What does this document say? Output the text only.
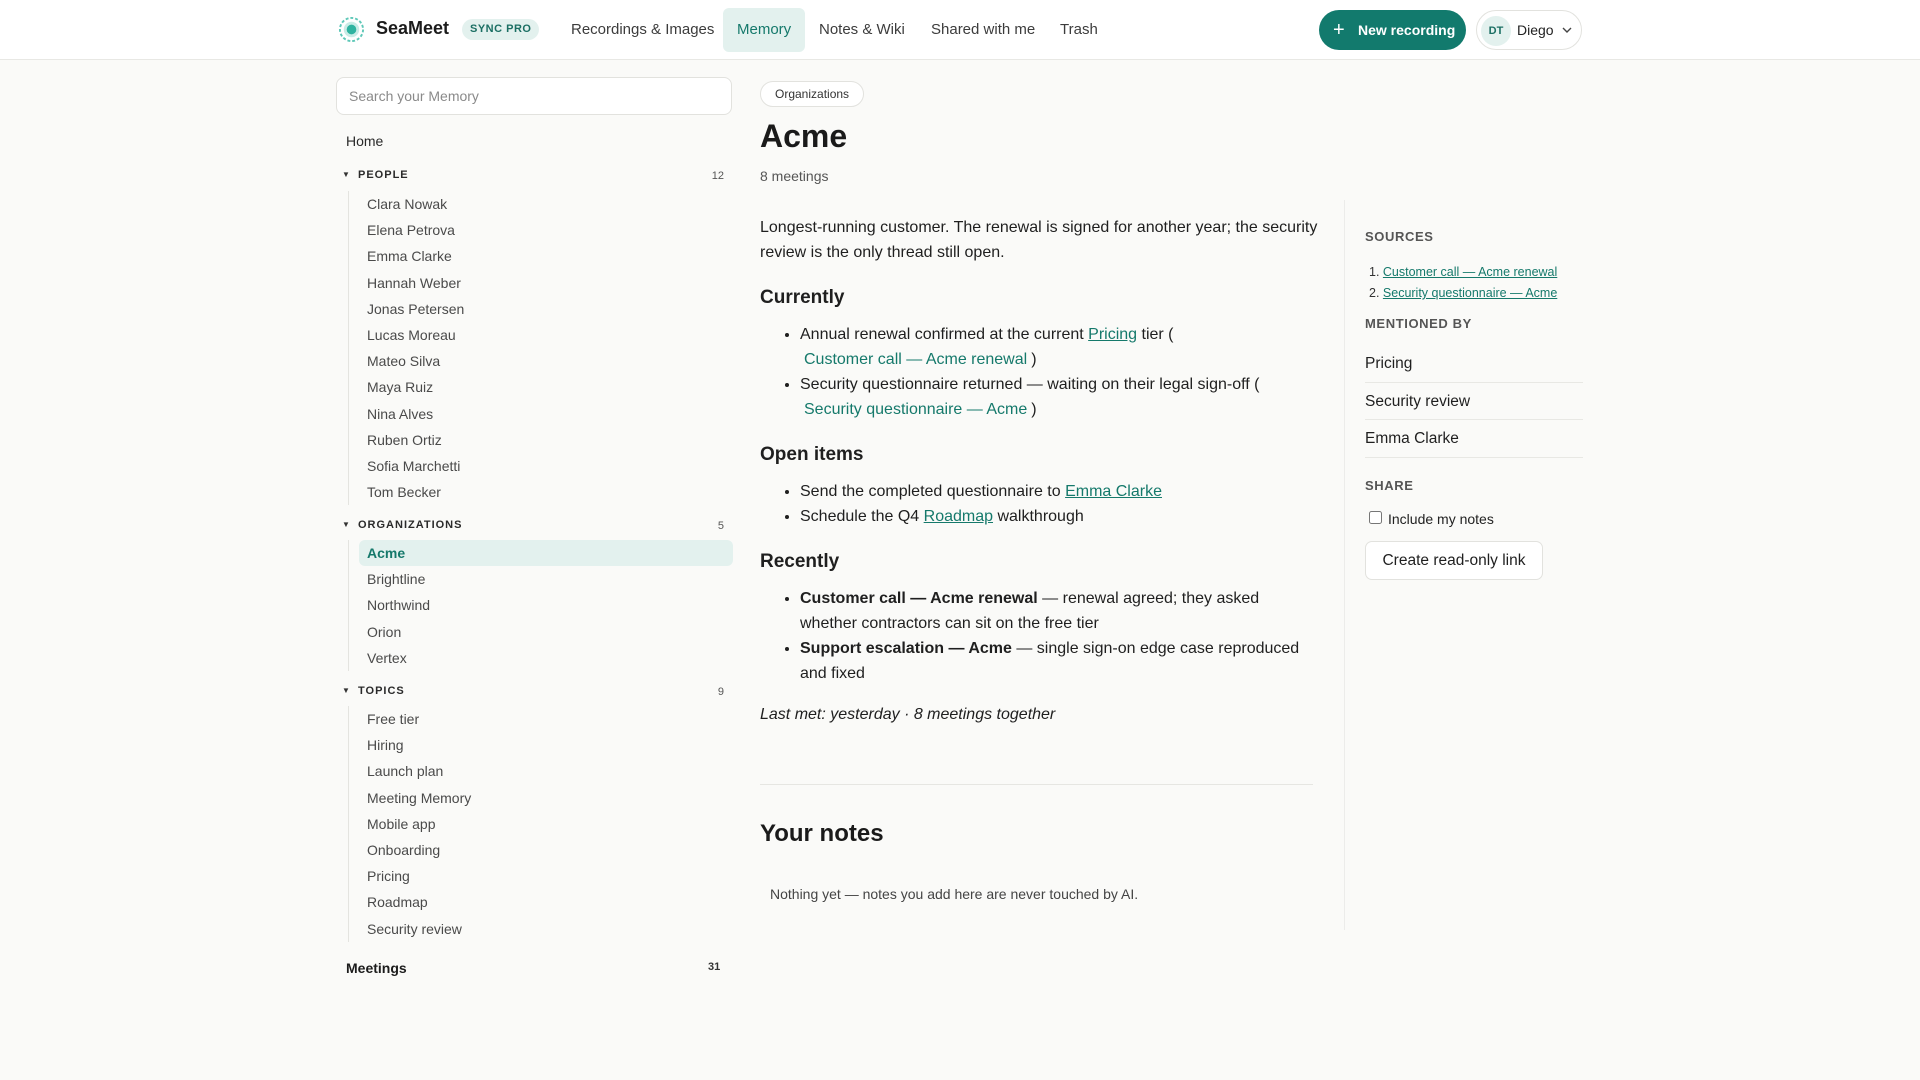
SeaMeet	SYNC PRO	Recordings & Images	Memory	Notes & Wiki	Shared with me	Trash	+ New recording	DT Diego
Search your Memory
Home
▼ PEOPLE	12
Clara Nowak
Elena Petrova
Emma Clarke
Hannah Weber
Jonas Petersen
Lucas Moreau
Mateo Silva
Maya Ruiz
Nina Alves
Ruben Ortiz
Sofia Marchetti
Tom Becker
▼ ORGANIZATIONS	5
Acme
Brightline
Northwind
Orion
Vertex
▼ TOPICS	9
Free tier
Hiring
Launch plan
Meeting Memory
Mobile app
Onboarding
Pricing
Roadmap
Security review
Meetings	31
Organizations
Acme
8 meetings

Longest-running customer. The renewal is signed for another year; the security review is the only thread still open.

Currently
• Annual renewal confirmed at the current Pricing tier (
Customer call — Acme renewal )
• Security questionnaire returned — waiting on their legal sign-off (
Security questionnaire — Acme )
Open items
• Send the completed questionnaire to Emma Clarke
• Schedule the Q4 Roadmap walkthrough
Recently
• Customer call — Acme renewal — renewal agreed; they asked whether contractors can sit on the free tier
• Support escalation — Acme — single sign-on edge case reproduced and fixed

Last met: yesterday · 8 meetings together

Your notes
Nothing yet — notes you add here are never touched by AI.
SOURCES
1. Customer call — Acme renewal
2. Security questionnaire — Acme
MENTIONED BY
Pricing
Security review
Emma Clarke
SHARE
Include my notes
Create read-only link
